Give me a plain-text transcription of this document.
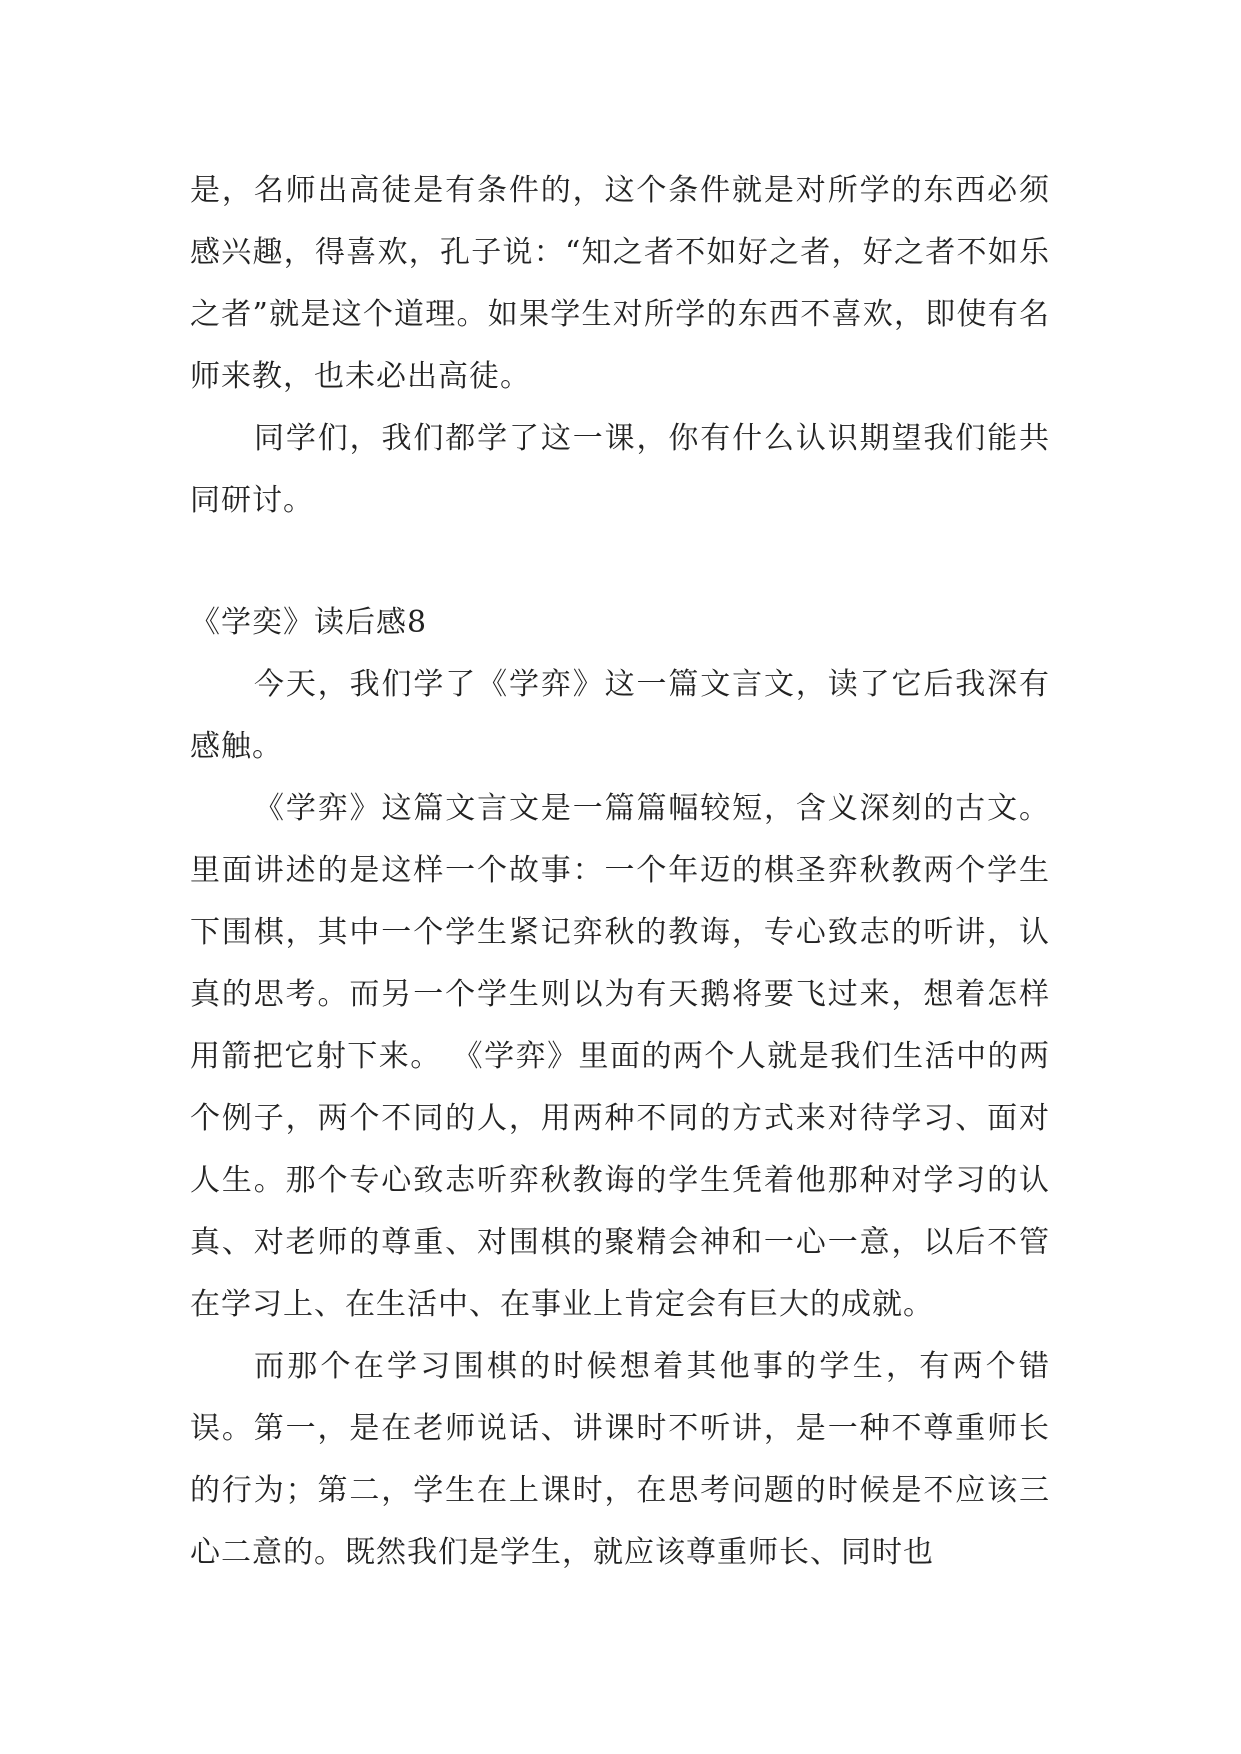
是，名师出高徒是有条件的，这个条件就是对所学的东西必须感兴趣，得喜欢，孔子说：“知之者不如好之者，好之者不如乐之者”就是这个道理。如果学生对所学的东西不喜欢，即使有名师来教，也未必出高徒。

同学们，我们都学了这一课，你有什么认识期望我们能共同研讨。

《学奕》读后感8

今天，我们学了《学弈》这一篇文言文，读了它后我深有感触。

《学弈》这篇文言文是一篇篇幅较短，含义深刻的古文。里面讲述的是这样一个故事：一个年迈的棋圣弈秋教两个学生下围棋，其中一个学生紧记弈秋的教诲，专心致志的听讲，认真的思考。而另一个学生则以为有天鹅将要飞过来，想着怎样用箭把它射下来。 《学弈》里面的两个人就是我们生活中的两个例子，两个不同的人，用两种不同的方式来对待学习、面对人生。那个专心致志听弈秋教诲的学生凭着他那种对学习的认真、对老师的尊重、对围棋的聚精会神和一心一意，以后不管在学习上、在生活中、在事业上肯定会有巨大的成就。

而那个在学习围棋的时候想着其他事的学生，有两个错误。第一，是在老师说话、讲课时不听讲，是一种不尊重师长的行为；第二，学生在上课时，在思考问题的时候是不应该三心二意的。既然我们是学生，就应该尊重师长、同时也
